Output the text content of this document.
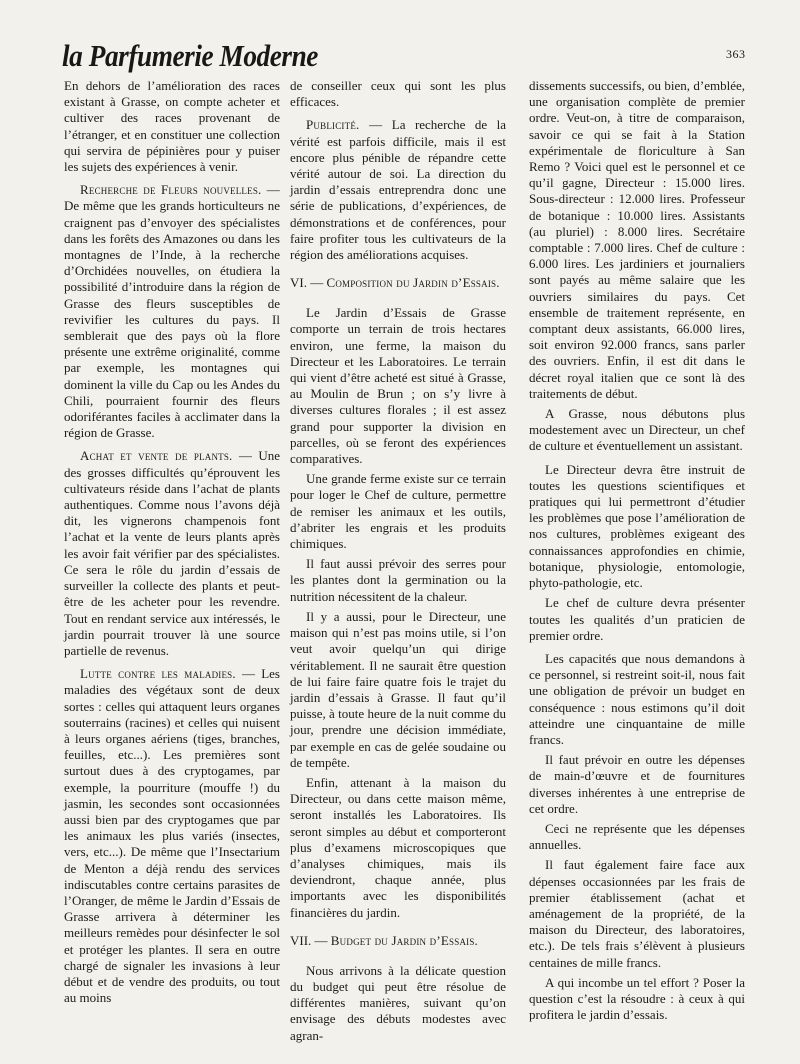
la Parfumerie Moderne	363

En dehors de l’amélioration des races existant à Grasse, on compte acheter et cultiver des races provenant de l’étranger, et en constituer une collection qui servira de pépinières pour y puiser les sujets des expériences à venir.

Recherche de Fleurs nouvelles. — De même que les grands horticulteurs ne craignent pas d’envoyer des spécialistes dans les forêts des Amazones ou dans les montagnes de l’Inde, à la recherche d’Orchidées nouvelles, on étudiera la possibilité d’introduire dans la région de Grasse des fleurs susceptibles de revivifier les cultures du pays. Il semblerait que des pays où la flore présente une extrême originalité, comme par exemple, les montagnes qui dominent la ville du Cap ou les Andes du Chili, pourraient fournir des fleurs odoriférantes faciles à acclimater dans la région de Grasse.

Achat et vente de plants. — Une des grosses difficultés qu’éprouvent les cultivateurs réside dans l’achat de plants authentiques. Comme nous l’avons déjà dit, les vignerons champenois font l’achat et la vente de leurs plants après les avoir fait vérifier par des spécialistes. Ce sera le rôle du jardin d’essais de surveiller la collecte des plants et peut-être de les acheter pour les revendre. Tout en rendant service aux intéressés, le jardin pourrait trouver là une source partielle de revenus.

Lutte contre les maladies. — Les maladies des végétaux sont de deux sortes : celles qui attaquent leurs organes souterrains (racines) et celles qui nuisent à leurs organes aériens (tiges, branches, feuilles, etc...). Les premières sont surtout dues à des cryptogames, par exemple, la pourriture (mouffe !) du jasmin, les secondes sont occasionnées aussi bien par des cryptogames que par les animaux les plus variés (insectes, vers, etc...). De même que l’Insectarium de Menton a déjà rendu des services indiscutables contre certains parasites de l’Oranger, de même le Jardin d’Essais de Grasse arrivera à déterminer les meilleurs remèdes pour désinfecter le sol et protéger les plantes. Il sera en outre chargé de signaler les invasions à leur début et de vendre des produits, ou tout au moins

de conseiller ceux qui sont les plus efficaces.

Publicité. — La recherche de la vérité est parfois difficile, mais il est encore plus pénible de répandre cette vérité autour de soi. La direction du jardin d’essais entreprendra donc une série de publications, d’expériences, de démonstrations et de conférences, pour faire profiter tous les cultivateurs de la région des améliorations acquises.

VI. — Composition du Jardin d’Essais.

Le Jardin d’Essais de Grasse comporte un terrain de trois hectares environ, une ferme, la maison du Directeur et les Laboratoires. Le terrain qui vient d’être acheté est situé à Grasse, au Moulin de Brun ; on s’y livre à diverses cultures florales ; il est assez grand pour supporter la division en parcelles, où se feront des expériences comparatives.

Une grande ferme existe sur ce terrain pour loger le Chef de culture, permettre de remiser les animaux et les outils, d’abriter les engrais et les produits chimiques.

Il faut aussi prévoir des serres pour les plantes dont la germination ou la nutrition nécessitent de la chaleur.

Il y a aussi, pour le Directeur, une maison qui n’est pas moins utile, si l’on veut avoir quelqu’un qui dirige véritablement. Il ne saurait être question de lui faire faire quatre fois le trajet du jardin d’essais à Grasse. Il faut qu’il puisse, à toute heure de la nuit comme du jour, prendre une décision immédiate, par exemple en cas de gelée soudaine ou de tempête.

Enfin, attenant à la maison du Directeur, ou dans cette maison même, seront installés les Laboratoires. Ils seront simples au début et comporteront plus d’examens microscopiques que d’analyses chimiques, mais ils deviendront, chaque année, plus importants avec les disponibilités financières du jardin.

VII. — Budget du Jardin d’Essais.

Nous arrivons à la délicate question du budget qui peut être résolue de différentes manières, suivant qu’on envisage des débuts modestes avec agran-

dissements successifs, ou bien, d’emblée, une organisation complète de premier ordre. Veut-on, à titre de comparaison, savoir ce qui se fait à la Station expérimentale de floriculture à San Remo ? Voici quel est le personnel et ce qu’il gagne, Directeur : 15.000 lires. Sous-directeur : 12.000 lires. Professeur de botanique : 10.000 lires. Assistants (au pluriel) : 8.000 lires. Secrétaire comptable : 7.000 lires. Chef de culture : 6.000 lires. Les jardiniers et journaliers sont payés au même salaire que les ouvriers similaires du pays. Cet ensemble de traitement représente, en comptant deux assistants, 66.000 lires, soit environ 92.000 francs, sans parler des ouvriers. Enfin, il est dit dans le décret royal italien que ce sont là des traitements de début.

A Grasse, nous débutons plus modestement avec un Directeur, un chef de culture et éventuellement un assistant.

Le Directeur devra être instruit de toutes les questions scientifiques et pratiques qui lui permettront d’étudier les problèmes que pose l’amélioration de nos cultures, problèmes exigeant des connaissances approfondies en chimie, botanique, physiologie, entomologie, phyto-pathologie, etc.

Le chef de culture devra présenter toutes les qualités d’un praticien de premier ordre.

Les capacités que nous demandons à ce personnel, si restreint soit-il, nous fait une obligation de prévoir un budget en conséquence : nous estimons qu’il doit atteindre une cinquantaine de mille francs.

Il faut prévoir en outre les dépenses de main-d’œuvre et de fournitures diverses inhérentes à une entreprise de cet ordre.

Ceci ne représente que les dépenses annuelles.

Il faut également faire face aux dépenses occasionnées par les frais de premier établissement (achat et aménagement de la propriété, de la maison du Directeur, des laboratoires, etc.). De tels frais s’élèvent à plusieurs centaines de mille francs.

A qui incombe un tel effort ? Poser la question c’est la résoudre : à ceux à qui profitera le jardin d’essais.
